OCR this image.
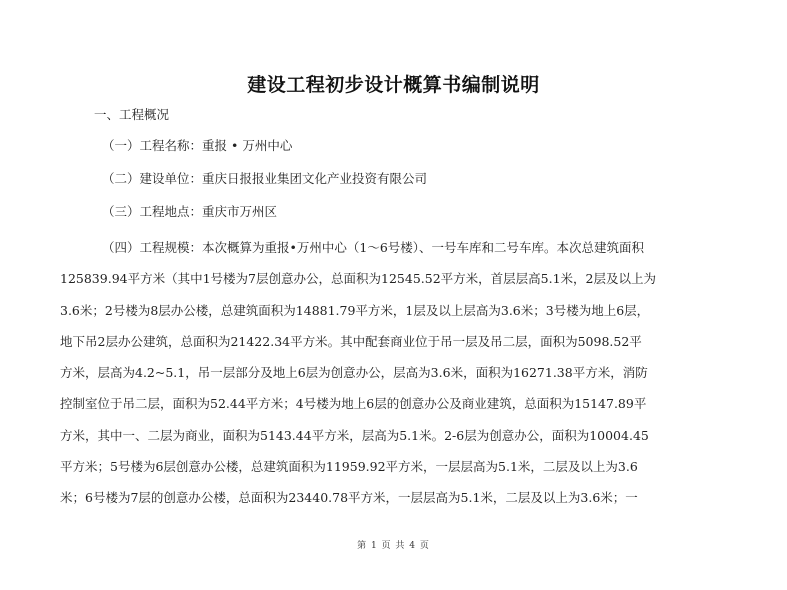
建设工程初步设计概算书编制说明
一、工程概况
（一）工程名称：重报 • 万州中心
（二）建设单位：重庆日报报业集团文化产业投资有限公司
（三）工程地点：重庆市万州区
（四）工程规模：本次概算为重报•万州中心（1～6号楼）、一号车库和二号车库。本次总建筑面积
125839.94平方米（其中1号楼为7层创意办公，总面积为12545.52平方米，首层层高5.1米，2层及以上为
3.6米；2号楼为8层办公楼，总建筑面积为14881.79平方米，1层及以上层高为3.6米；3号楼为地上6层，
地下吊2层办公建筑，总面积为21422.34平方米。其中配套商业位于吊一层及吊二层，面积为5098.52平
方米，层高为4.2~5.1，吊一层部分及地上6层为创意办公，层高为3.6米，面积为16271.38平方米，消防
控制室位于吊二层，面积为52.44平方米；4号楼为地上6层的创意办公及商业建筑，总面积为15147.89平
方米，其中一、二层为商业，面积为5143.44平方米，层高为5.1米。2-6层为创意办公，面积为10004.45
平方米；5号楼为6层创意办公楼，总建筑面积为11959.92平方米，一层层高为5.1米，二层及以上为3.6
米；6号楼为7层的创意办公楼，总面积为23440.78平方米，一层层高为5.1米，二层及以上为3.6米；一
第 1 页 共 4 页
